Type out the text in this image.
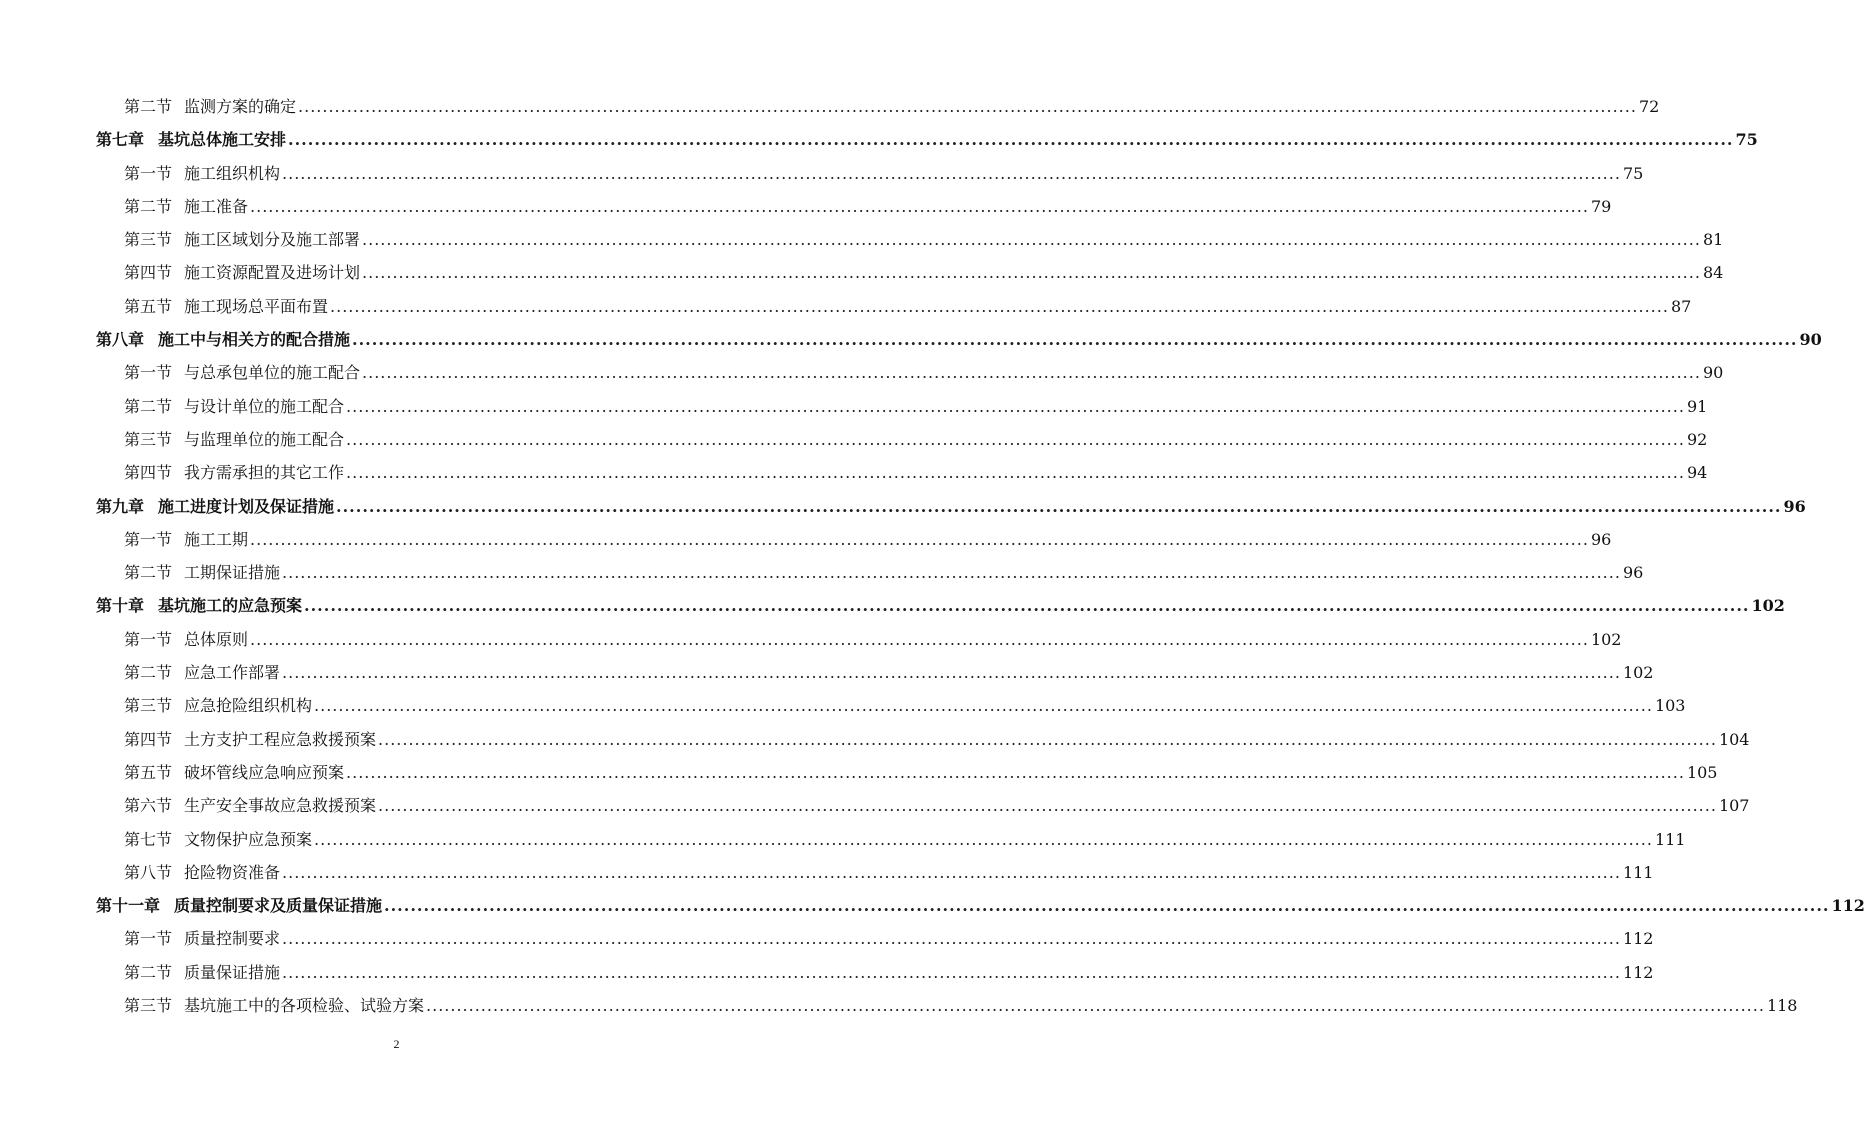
第二节 监测方案的确定 ............................................................................................................................................................................................................................ 72
第七章 基坑总体施工安排 ............................................................................................................................................................................................................................ 75
第一节 施工组织机构 ............................................................................................................................................................................................................................ 75
第二节 施工准备 ............................................................................................................................................................................................................................ 79
第三节 施工区域划分及施工部署 ............................................................................................................................................................................................................................ 81
第四节 施工资源配置及进场计划 ............................................................................................................................................................................................................................ 84
第五节 施工现场总平面布置 ............................................................................................................................................................................................................................ 87
第八章 施工中与相关方的配合措施 ............................................................................................................................................................................................................................ 90
第一节 与总承包单位的施工配合 ............................................................................................................................................................................................................................ 90
第二节 与设计单位的施工配合 ............................................................................................................................................................................................................................ 91
第三节 与监理单位的施工配合 ............................................................................................................................................................................................................................ 92
第四节 我方需承担的其它工作 ............................................................................................................................................................................................................................ 94
第九章 施工进度计划及保证措施 ............................................................................................................................................................................................................................ 96
第一节 施工工期 ............................................................................................................................................................................................................................ 96
第二节 工期保证措施 ............................................................................................................................................................................................................................ 96
第十章 基坑施工的应急预案 ............................................................................................................................................................................................................................ 102
第一节 总体原则 ............................................................................................................................................................................................................................ 102
第二节 应急工作部署 ............................................................................................................................................................................................................................ 102
第三节 应急抢险组织机构 ............................................................................................................................................................................................................................ 103
第四节 土方支护工程应急救援预案 ............................................................................................................................................................................................................................ 104
第五节 破坏管线应急响应预案 ............................................................................................................................................................................................................................ 105
第六节 生产安全事故应急救援预案 ............................................................................................................................................................................................................................ 107
第七节 文物保护应急预案 ............................................................................................................................................................................................................................ 111
第八节 抢险物资准备 ............................................................................................................................................................................................................................ 111
第十一章 质量控制要求及质量保证措施 ............................................................................................................................................................................................................................ 112
第一节 质量控制要求 ............................................................................................................................................................................................................................ 112
第二节 质量保证措施 ............................................................................................................................................................................................................................ 112
第三节 基坑施工中的各项检验、试验方案 ............................................................................................................................................................................................................................ 118
2
